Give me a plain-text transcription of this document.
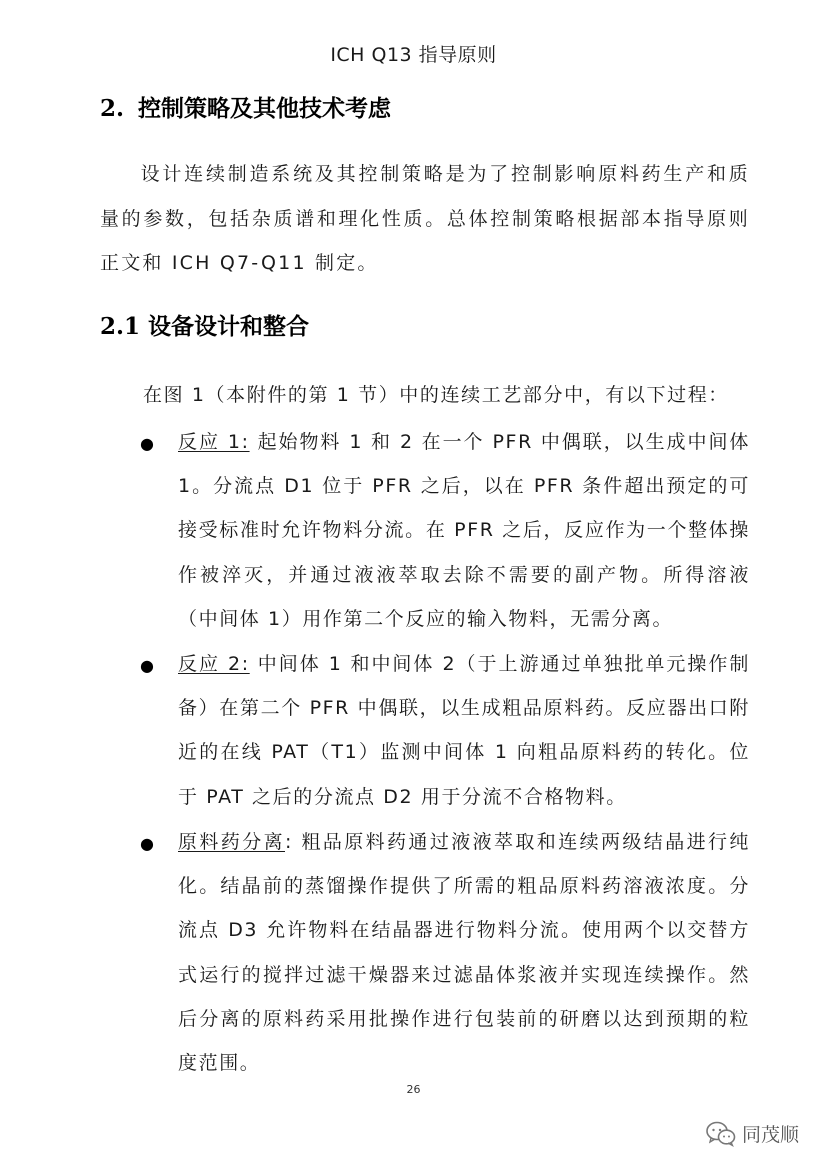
ICH Q13 指导原则
2. 控制策略及其他技术考虑
设计连续制造系统及其控制策略是为了控制影响原料药生产和质量的参数，包括杂质谱和理化性质。总体控制策略根据部本指导原则正文和 ICH Q7-Q11 制定。
2.1 设备设计和整合
在图 1（本附件的第 1 节）中的连续工艺部分中，有以下过程：
● 反应 1: 起始物料 1 和 2 在一个 PFR 中偶联，以生成中间体 1。分流点 D1 位于 PFR 之后，以在 PFR 条件超出预定的可接受标准时允许物料分流。在 PFR 之后，反应作为一个整体操作被淬灭，并通过液液萃取去除不需要的副产物。所得溶液（中间体 1）用作第二个反应的输入物料，无需分离。
● 反应 2: 中间体 1 和中间体 2（于上游通过单独批单元操作制备）在第二个 PFR 中偶联，以生成粗品原料药。反应器出口附近的在线 PAT（T1）监测中间体 1 向粗品原料药的转化。位于 PAT 之后的分流点 D2 用于分流不合格物料。
● 原料药分离: 粗品原料药通过液液萃取和连续两级结晶进行纯化。结晶前的蒸馏操作提供了所需的粗品原料药溶液浓度。分流点 D3 允许物料在结晶器进行物料分流。使用两个以交替方式运行的搅拌过滤干燥器来过滤晶体浆液并实现连续操作。然后分离的原料药采用批操作进行包装前的研磨以达到预期的粒度范围。
26
同茂顺
